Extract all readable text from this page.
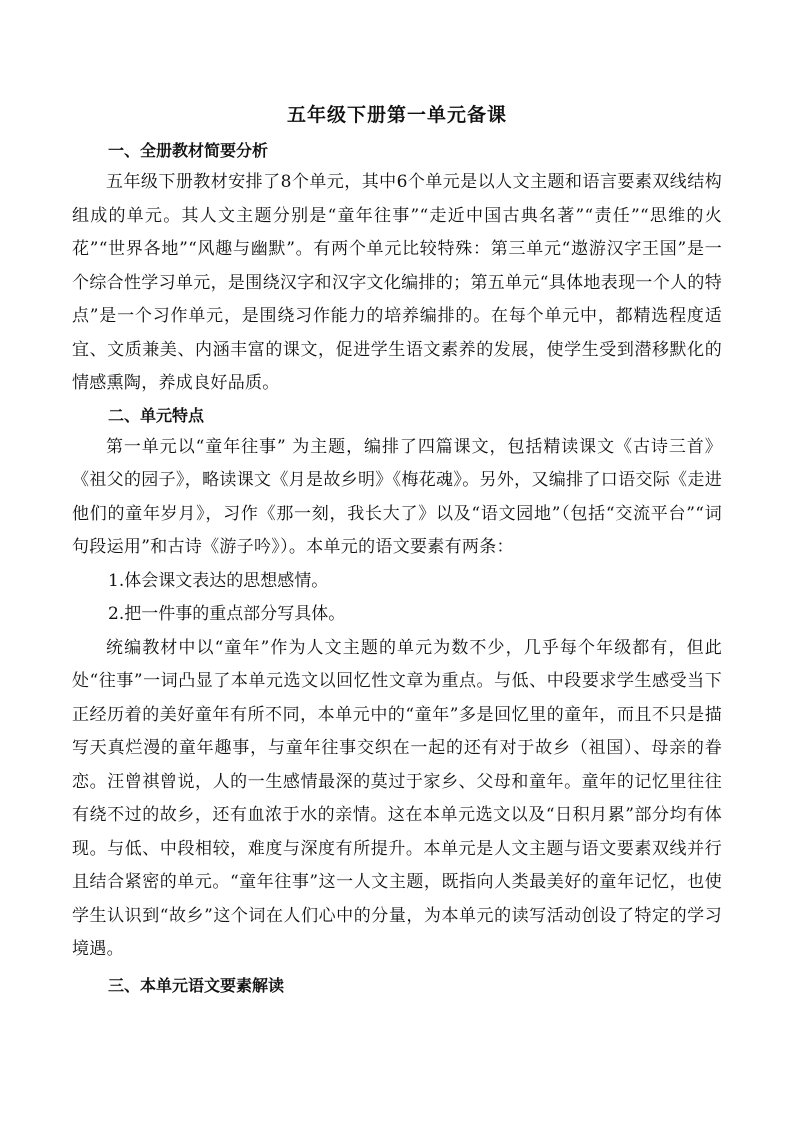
五年级下册第一单元备课
一、全册教材简要分析

五年级下册教材安排了8个单元，其中6个单元是以人文主题和语言要素双线结构组成的单元。其人文主题分别是“童年往事”“走近中国古典名著”“责任”“思维的火花”“世界各地”“风趣与幽默”。有两个单元比较特殊：第三单元“遨游汉字王国”是一个综合性学习单元，是围绕汉字和汉字文化编排的；第五单元“具体地表现一个人的特点”是一个习作单元，是围绕习作能力的培养编排的。在每个单元中，都精选程度适宜、文质兼美、内涵丰富的课文，促进学生语文素养的发展，使学生受到潜移默化的情感熏陶，养成良好品质。

二、单元特点

第一单元以“童年往事” 为主题，编排了四篇课文，包括精读课文《古诗三首》《祖父的园子》，略读课文《月是故乡明》《梅花魂》。另外，又编排了口语交际《走进他们的童年岁月》，习作《那一刻，我长大了》以及“语文园地”（包括“交流平台”“词句段运用”和古诗《游子吟》）。本单元的语文要素有两条：

1.体会课文表达的思想感情。

2.把一件事的重点部分写具体。

统编教材中以“童年”作为人文主题的单元为数不少，几乎每个年级都有，但此处“往事”一词凸显了本单元选文以回忆性文章为重点。与低、中段要求学生感受当下正经历着的美好童年有所不同，本单元中的“童年”多是回忆里的童年，而且不只是描写天真烂漫的童年趣事，与童年往事交织在一起的还有对于故乡（祖国）、母亲的眷恋。汪曾祺曾说，人的一生感情最深的莫过于家乡、父母和童年。童年的记忆里往往有绕不过的故乡，还有血浓于水的亲情。这在本单元选文以及“日积月累”部分均有体现。与低、中段相较，难度与深度有所提升。本单元是人文主题与语文要素双线并行且结合紧密的单元。“童年往事”这一人文主题，既指向人类最美好的童年记忆，也使学生认识到“故乡”这个词在人们心中的分量，为本单元的读写活动创设了特定的学习境遇。

三、本单元语文要素解读
